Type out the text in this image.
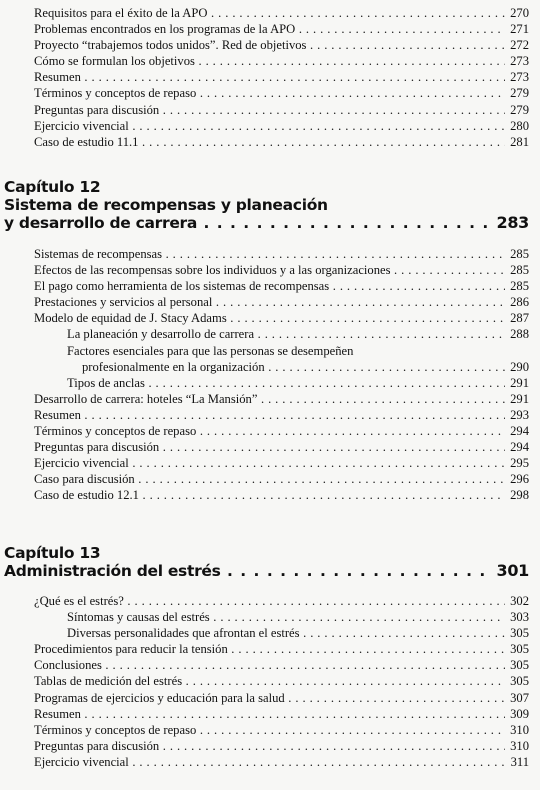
Requisitos para el éxito de la APO . . .	270
Problemas encontrados en los programas de la APO . . .	271
Proyecto “trabajemos todos unidos”. Red de objetivos . . .	272
Cómo se formulan los objetivos . . .	273
Resumen . . .	273
Términos y conceptos de repaso . . .	279
Preguntas para discusión . . .	279
Ejercicio vivencial . . .	280
Caso de estudio 11.1 . . .	281
Capítulo 12
Sistema de recompensas y planeación
y desarrollo de carrera . . .	283
Sistemas de recompensas . . .	285
Efectos de las recompensas sobre los individuos y a las organizaciones . . .	285
El pago como herramienta de los sistemas de recompensas . . .	285
Prestaciones y servicios al personal . . .	286
Modelo de equidad de J. Stacy Adams . . .	287
La planeación y desarrollo de carrera . . .	288
Factores esenciales para que las personas se desempeñen
profesionalmente en la organización . . .	290
Tipos de anclas . . .	291
Desarrollo de carrera: hoteles “La Mansión” . . .	291
Resumen . . .	293
Términos y conceptos de repaso . . .	294
Preguntas para discusión . . .	294
Ejercicio vivencial . . .	295
Caso para discusión . . .	296
Caso de estudio 12.1 . . .	298
Capítulo 13
Administración del estrés . . .	301
¿Qué es el estrés? . . .	302
Síntomas y causas del estrés . . .	303
Diversas personalidades que afrontan el estrés . . .	305
Procedimientos para reducir la tensión . . .	305
Conclusiones . . .	305
Tablas de medición del estrés . . .	305
Programas de ejercicios y educación para la salud . . .	307
Resumen . . .	309
Términos y conceptos de repaso . . .	310
Preguntas para discusión . . .	310
Ejercicio vivencial . . .	311
